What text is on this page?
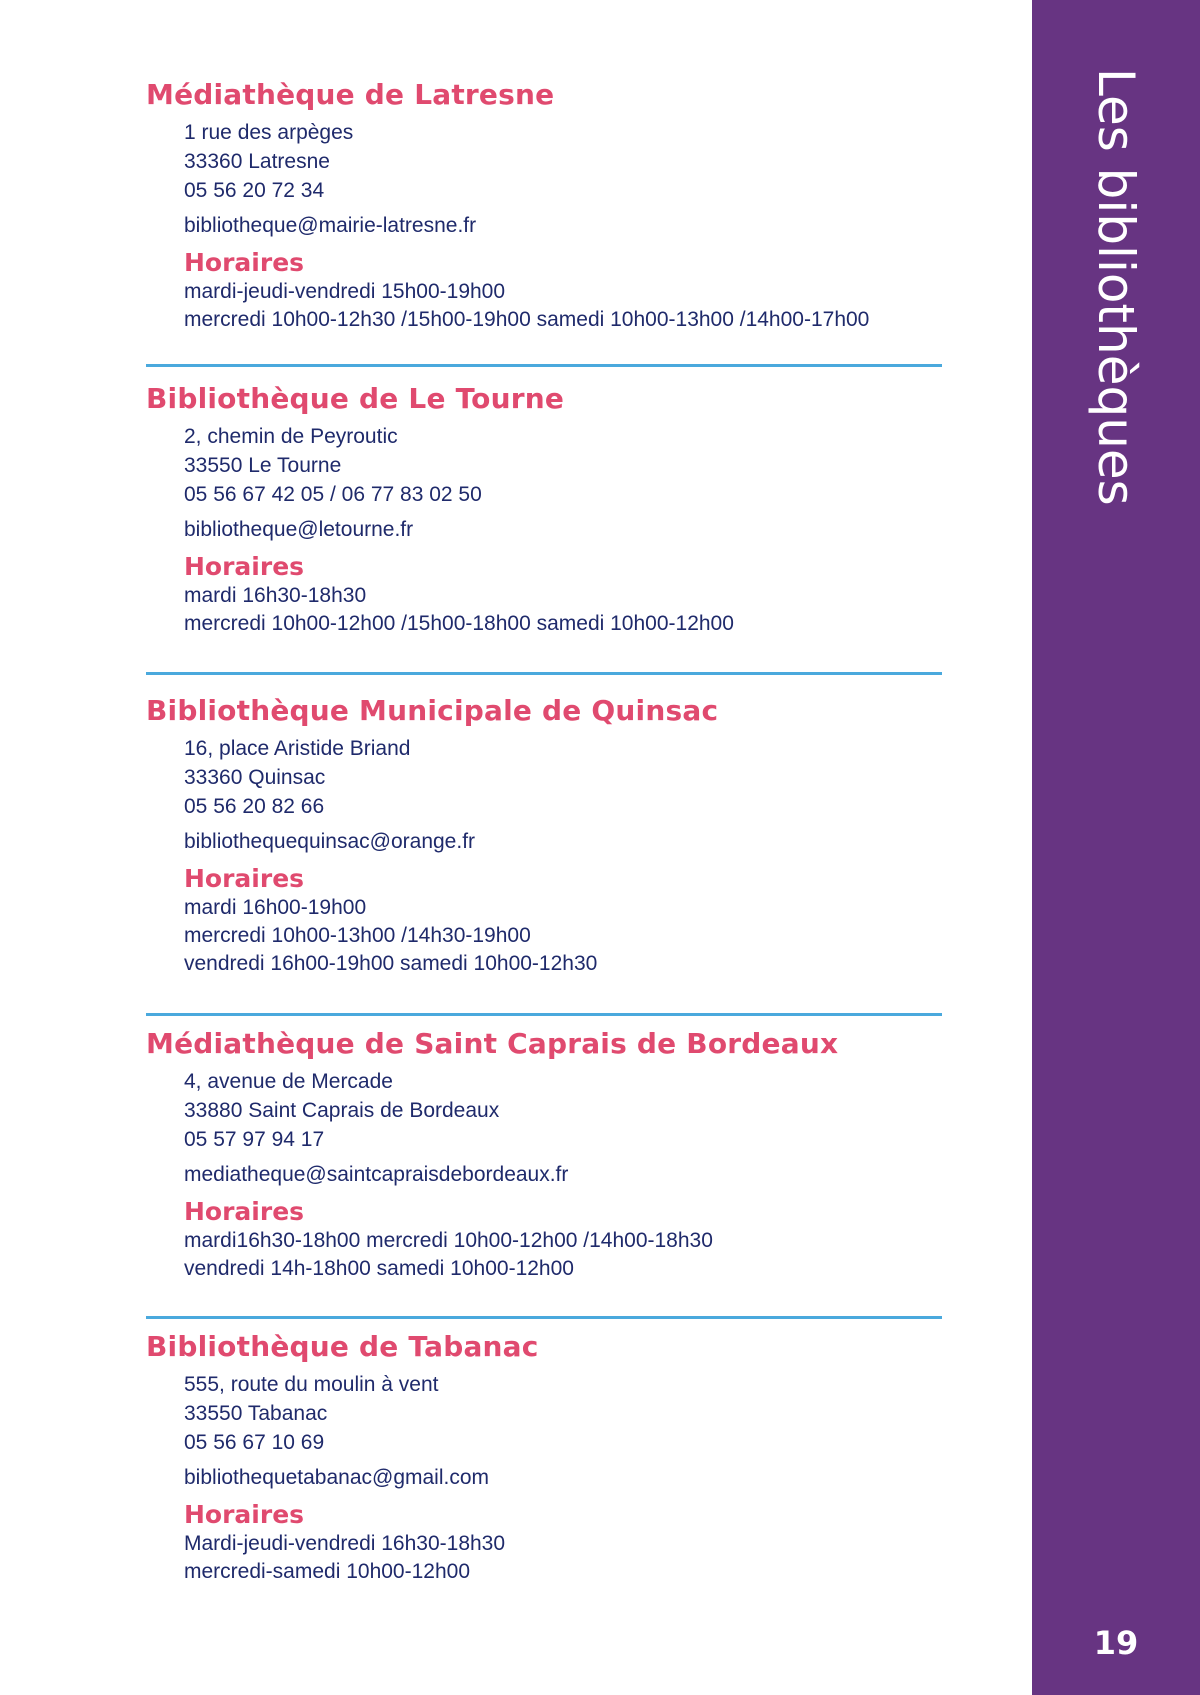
Médiathèque de Latresne
1 rue des arpèges
33360 Latresne
05 56 20 72 34
bibliotheque@mairie-latresne.fr
Horaires
mardi-jeudi-vendredi 15h00-19h00
mercredi 10h00-12h30 /15h00-19h00 samedi 10h00-13h00 /14h00-17h00
Bibliothèque de Le Tourne
2, chemin de Peyroutic
33550 Le Tourne
05 56 67 42 05 / 06 77 83 02 50
bibliotheque@letourne.fr
Horaires
mardi 16h30-18h30
mercredi 10h00-12h00 /15h00-18h00 samedi 10h00-12h00
Bibliothèque Municipale de Quinsac
16, place Aristide Briand
33360 Quinsac
05 56 20 82 66
bibliothequequinsac@orange.fr
Horaires
mardi 16h00-19h00
mercredi 10h00-13h00 /14h30-19h00
vendredi 16h00-19h00 samedi 10h00-12h30
Médiathèque de Saint Caprais de Bordeaux
4, avenue de Mercade
33880 Saint Caprais de Bordeaux
05 57 97 94 17
mediatheque@saintcapraisdebordeaux.fr
Horaires
mardi16h30-18h00 mercredi 10h00-12h00 /14h00-18h30
vendredi 14h-18h00 samedi 10h00-12h00
Bibliothèque de Tabanac
555, route du moulin à vent
33550 Tabanac
05 56 67 10 69
bibliothequetabanac@gmail.com
Horaires
Mardi-jeudi-vendredi 16h30-18h30
mercredi-samedi 10h00-12h00
Les bibliothèques
19
